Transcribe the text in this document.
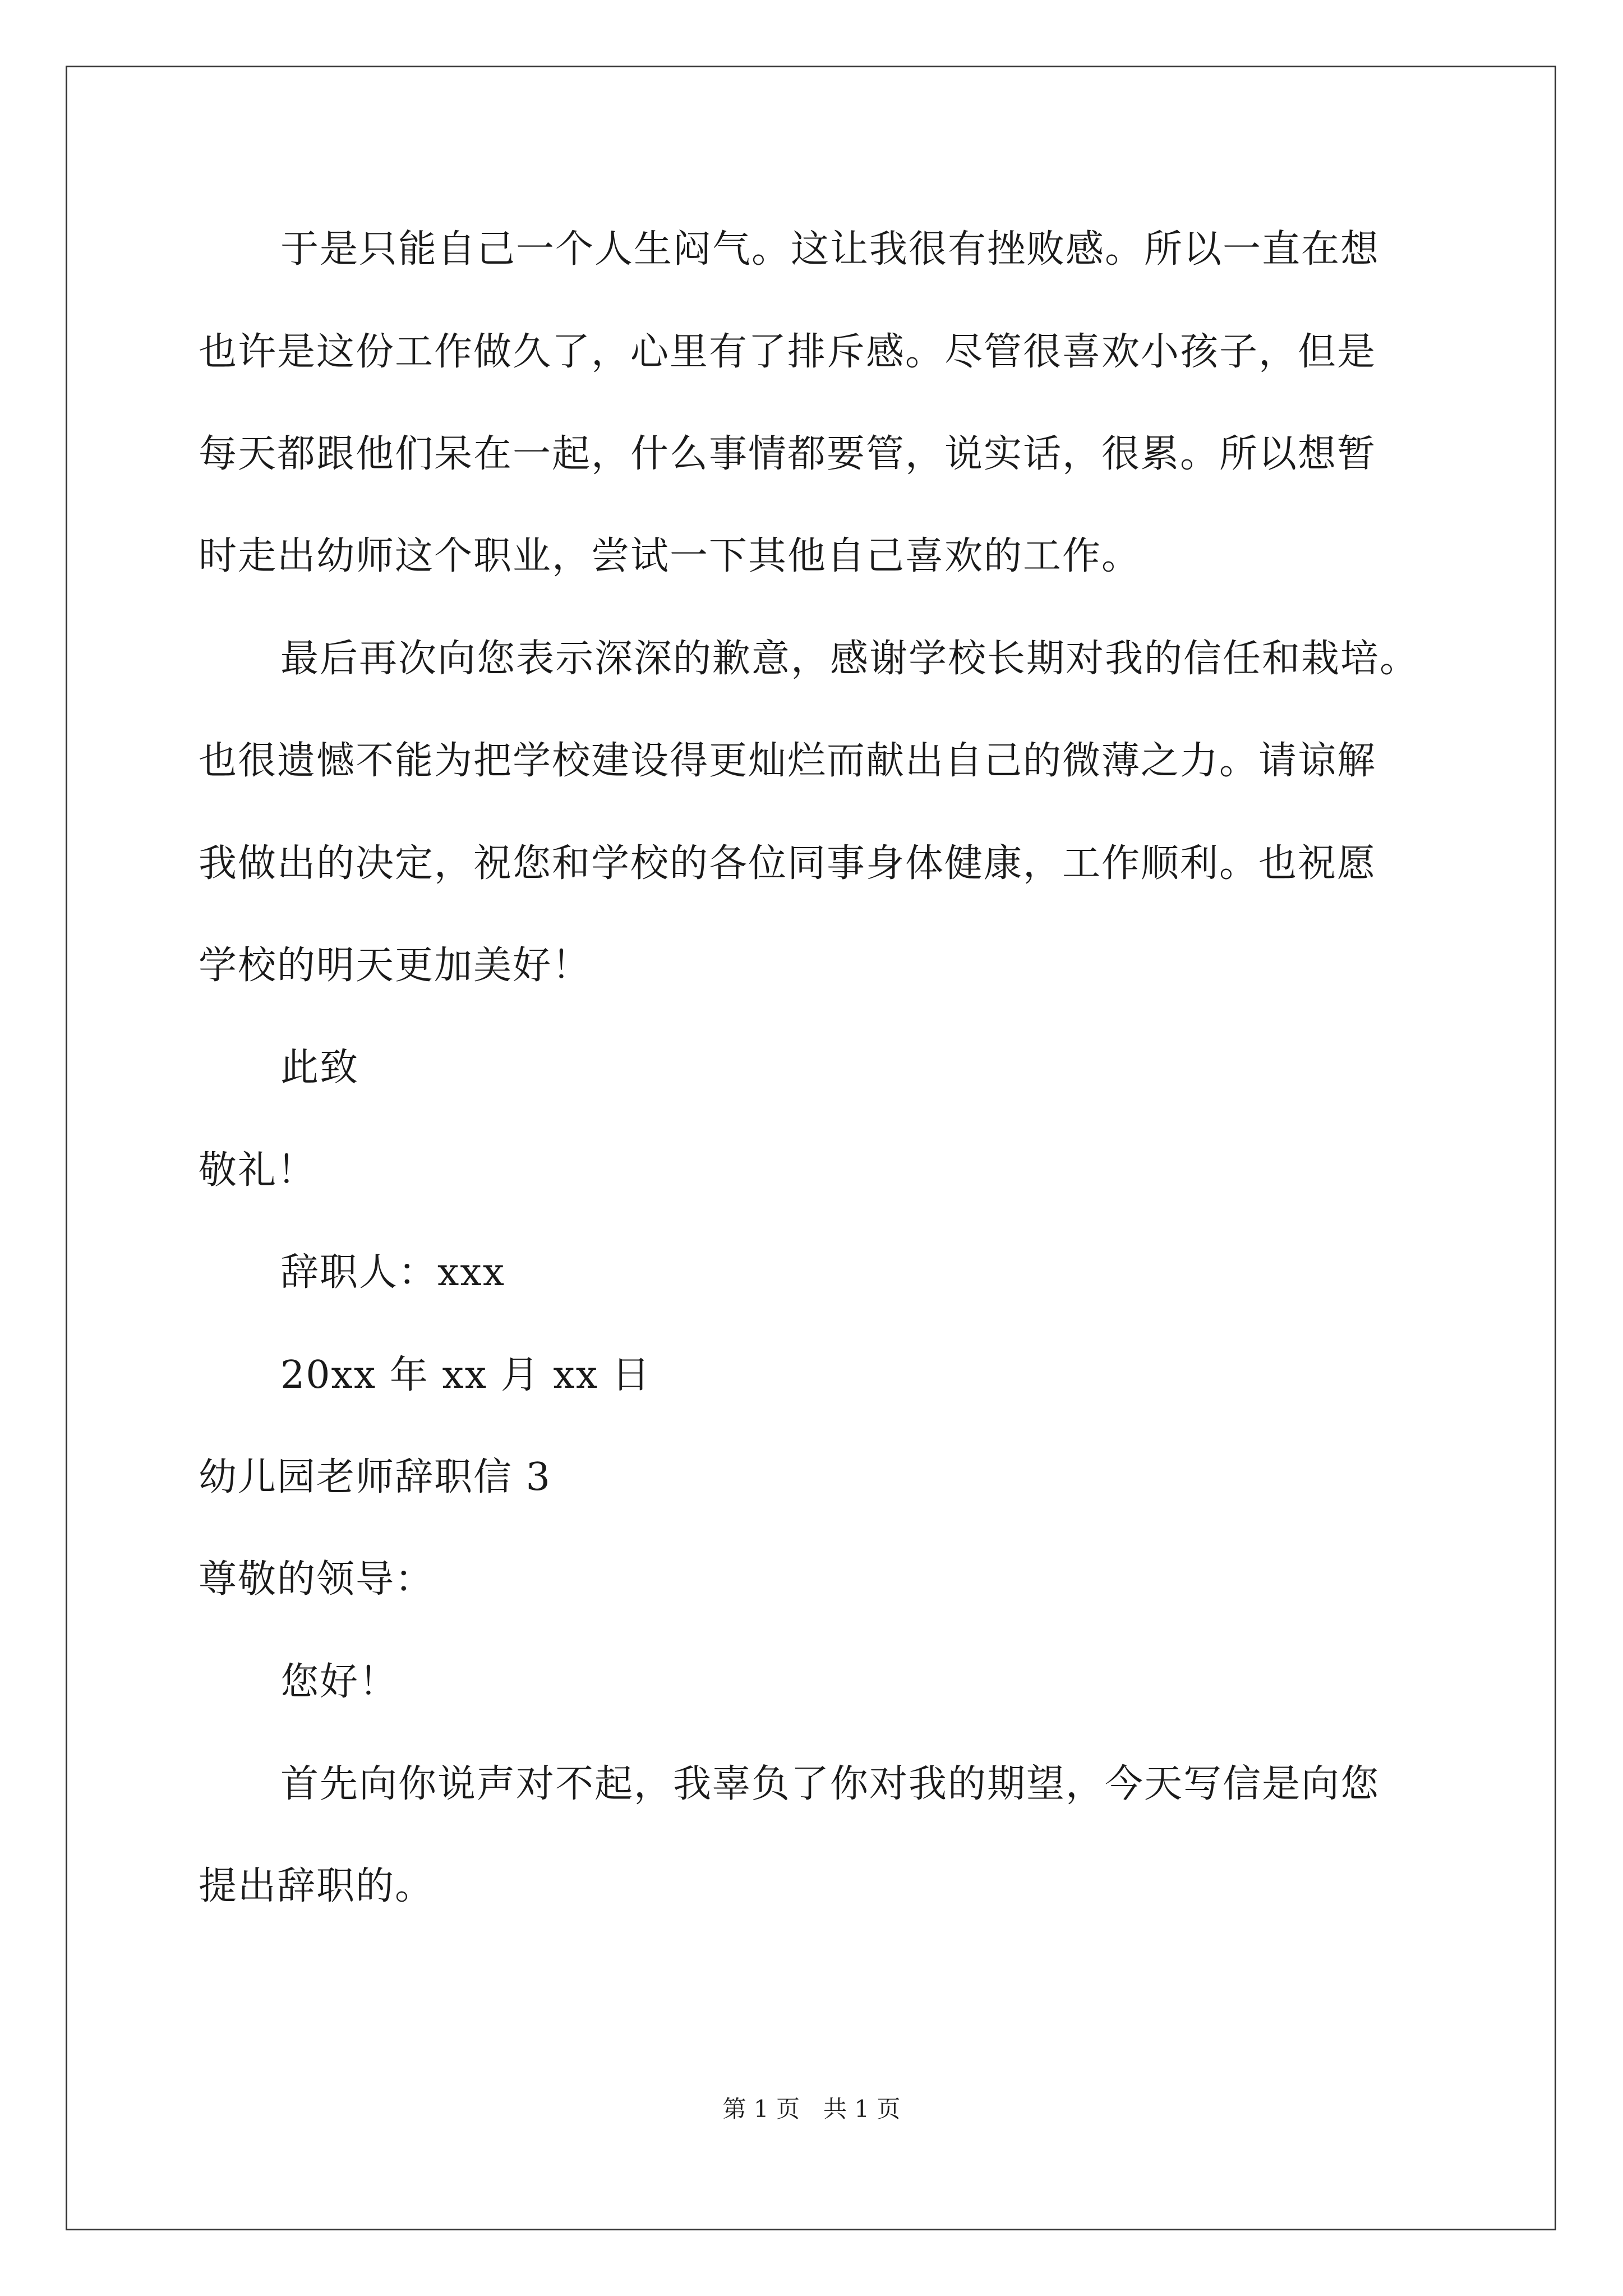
于是只能自己一个人生闷气。这让我很有挫败感。所以一直在想
也许是这份工作做久了，心里有了排斥感。尽管很喜欢小孩子，但是
每天都跟他们呆在一起，什么事情都要管，说实话，很累。所以想暂
时走出幼师这个职业，尝试一下其他自己喜欢的工作。
最后再次向您表示深深的歉意，感谢学校长期对我的信任和栽培。
也很遗憾不能为把学校建设得更灿烂而献出自己的微薄之力。请谅解
我做出的决定，祝您和学校的各位同事身体健康，工作顺利。也祝愿
学校的明天更加美好！
此致
敬礼！
辞职人：xxx
20xx 年 xx 月 xx 日
幼儿园老师辞职信 3
尊敬的领导：
您好！
首先向你说声对不起，我辜负了你对我的期望，今天写信是向您
提出辞职的。
第 1 页　共 1 页
